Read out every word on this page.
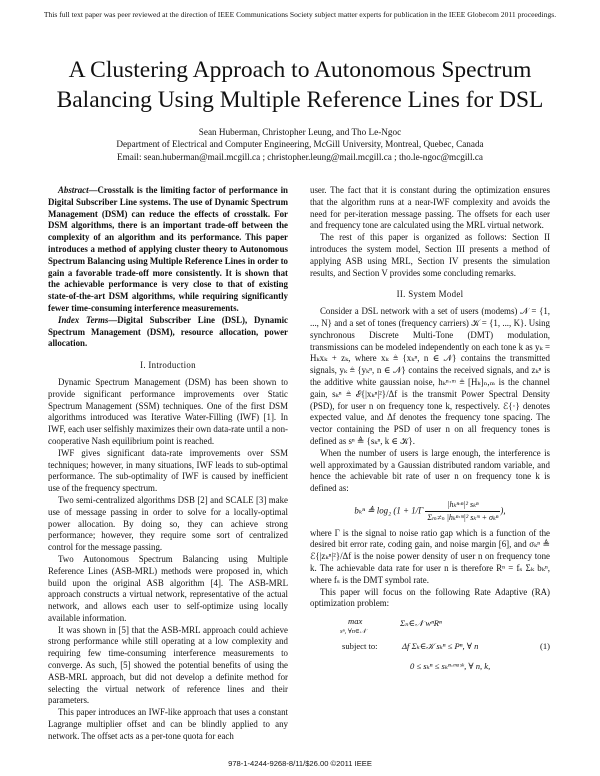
This full text paper was peer reviewed at the direction of IEEE Communications Society subject matter experts for publication in the IEEE Globecom 2011 proceedings.
A Clustering Approach to Autonomous Spectrum
Balancing Using Multiple Reference Lines for DSL
Sean Huberman, Christopher Leung, and Tho Le-Ngoc
Department of Electrical and Computer Engineering, McGill University, Montreal, Quebec, Canada
Email: sean.huberman@mail.mcgill.ca ; christopher.leung@mail.mcgill.ca ; tho.le-ngoc@mcgill.ca

Abstract—Crosstalk is the limiting factor of performance in Digital Subscriber Line systems. The use of Dynamic Spectrum Management (DSM) can reduce the effects of crosstalk. For DSM algorithms, there is an important trade-off between the complexity of an algorithm and its performance. This paper introduces a method of applying cluster theory to Autonomous Spectrum Balancing using Multiple Reference Lines in order to gain a favorable trade-off more consistently. It is shown that the achievable performance is very close to that of existing state-of-the-art DSM algorithms, while requiring significantly fewer time-consuming interference measurements.

Index Terms—Digital Subscriber Line (DSL), Dynamic Spectrum Management (DSM), resource allocation, power allocation.

I. Introduction

Dynamic Spectrum Management (DSM) has been shown to provide significant performance improvements over Static Spectrum Management (SSM) techniques. One of the first DSM algorithms introduced was Iterative Water-Filling (IWF) [1]. In IWF, each user selfishly maximizes their own data-rate until a non-cooperative Nash equilibrium point is reached.

IWF gives significant data-rate improvements over SSM techniques; however, in many situations, IWF leads to sub-optimal performance. The sub-optimality of IWF is caused by inefficient use of the frequency spectrum.

Two semi-centralized algorithms DSB [2] and SCALE [3] make use of message passing in order to solve for a locally-optimal power allocation. By doing so, they can achieve strong performance; however, they require some sort of centralized control for the message passing.

Two Autonomous Spectrum Balancing using Multiple Reference Lines (ASB-MRL) methods were proposed in, which build upon the original ASB algorithm [4]. The ASB-MRL approach constructs a virtual network, representative of the actual network, and allows each user to self-optimize using locally available information.

It was shown in [5] that the ASB-MRL approach could achieve strong performance while still operating at a low complexity and requiring few time-consuming interference measurements to converge. As such, [5] showed the potential benefits of using the ASB-MRL approach, but did not develop a definite method for selecting the virtual network of reference lines and their parameters.

This paper introduces an IWF-like approach that uses a constant Lagrange multiplier offset and can be blindly applied to any network. The offset acts as a per-tone quota for each

user. The fact that it is constant during the optimization ensures that the algorithm runs at a near-IWF complexity and avoids the need for per-iteration message passing. The offsets for each user and frequency tone are calculated using the MRL virtual network.

The rest of this paper is organized as follows: Section II introduces the system model, Section III presents a method of applying ASB using MRL, Section IV presents the simulation results, and Section V provides some concluding remarks.

II. System Model

Consider a DSL network with a set of users (modems) 𝒩 = {1, ..., N} and a set of tones (frequency carriers) 𝒦 = {1, ..., K}. Using synchronous Discrete Multi-Tone (DMT) modulation, transmissions can be modeled independently on each tone k as yₖ = Hₖxₖ + zₖ, where xₖ ≜ {xₖⁿ, n ∈ 𝒩} contains the transmitted signals, yₖ ≜ {yₖⁿ, n ∈ 𝒩} contains the received signals, and zₖⁿ is the additive white gaussian noise, hₖⁿ·ᵐ ≜ [Hₖ]ₙ,ₘ is the channel gain, sₖⁿ ≜ ℰ{|xₖⁿ|²}/Δf is the transmit Power Spectral Density (PSD), for user n on frequency tone k, respectively. ℰ{·} denotes expected value, and Δf denotes the frequency tone spacing. The vector containing the PSD of user n on all frequency tones is defined as sⁿ ≜ {sₖⁿ, k ∈ 𝒦}.

When the number of users is large enough, the interference is well approximated by a Gaussian distributed random variable, and hence the achievable bit rate of user n on frequency tone k is defined as:

bₖⁿ ≜ log₂ ($1 + 1/\Gamma \frac{\text{|hₖⁿ·ⁿ|² sₖⁿ}}{\text{Σₘ≠ₙ |hₖⁿ·ᵐ|² sₖᵐ + σₖⁿ}}$ ),

where Γ is the signal to noise ratio gap which is a function of the desired bit error rate, coding gain, and noise margin [6], and σₖⁿ ≜ ℰ{|zₖⁿ|²}/Δf is the noise power density of user n on frequency tone k. The achievable data rate for user n is therefore Rⁿ = fₛ Σₖ bₖⁿ, where fₛ is the DMT symbol rate.

This paper will focus on the following Rate Adaptive (RA) optimization problem:

max
sⁿ, ∀n∈𝒩
Σₙ∈𝒩 wⁿRⁿ
subject to:	Δf Σₖ∈𝒦 sₖⁿ ≤ Pⁿ, ∀ n	(1)
0 ≤ sₖⁿ ≤ sₖⁿ·ᵐᵃˢᵏ, ∀ n, k,
978-1-4244-9268-8/11/$26.00 ©2011 IEEE
